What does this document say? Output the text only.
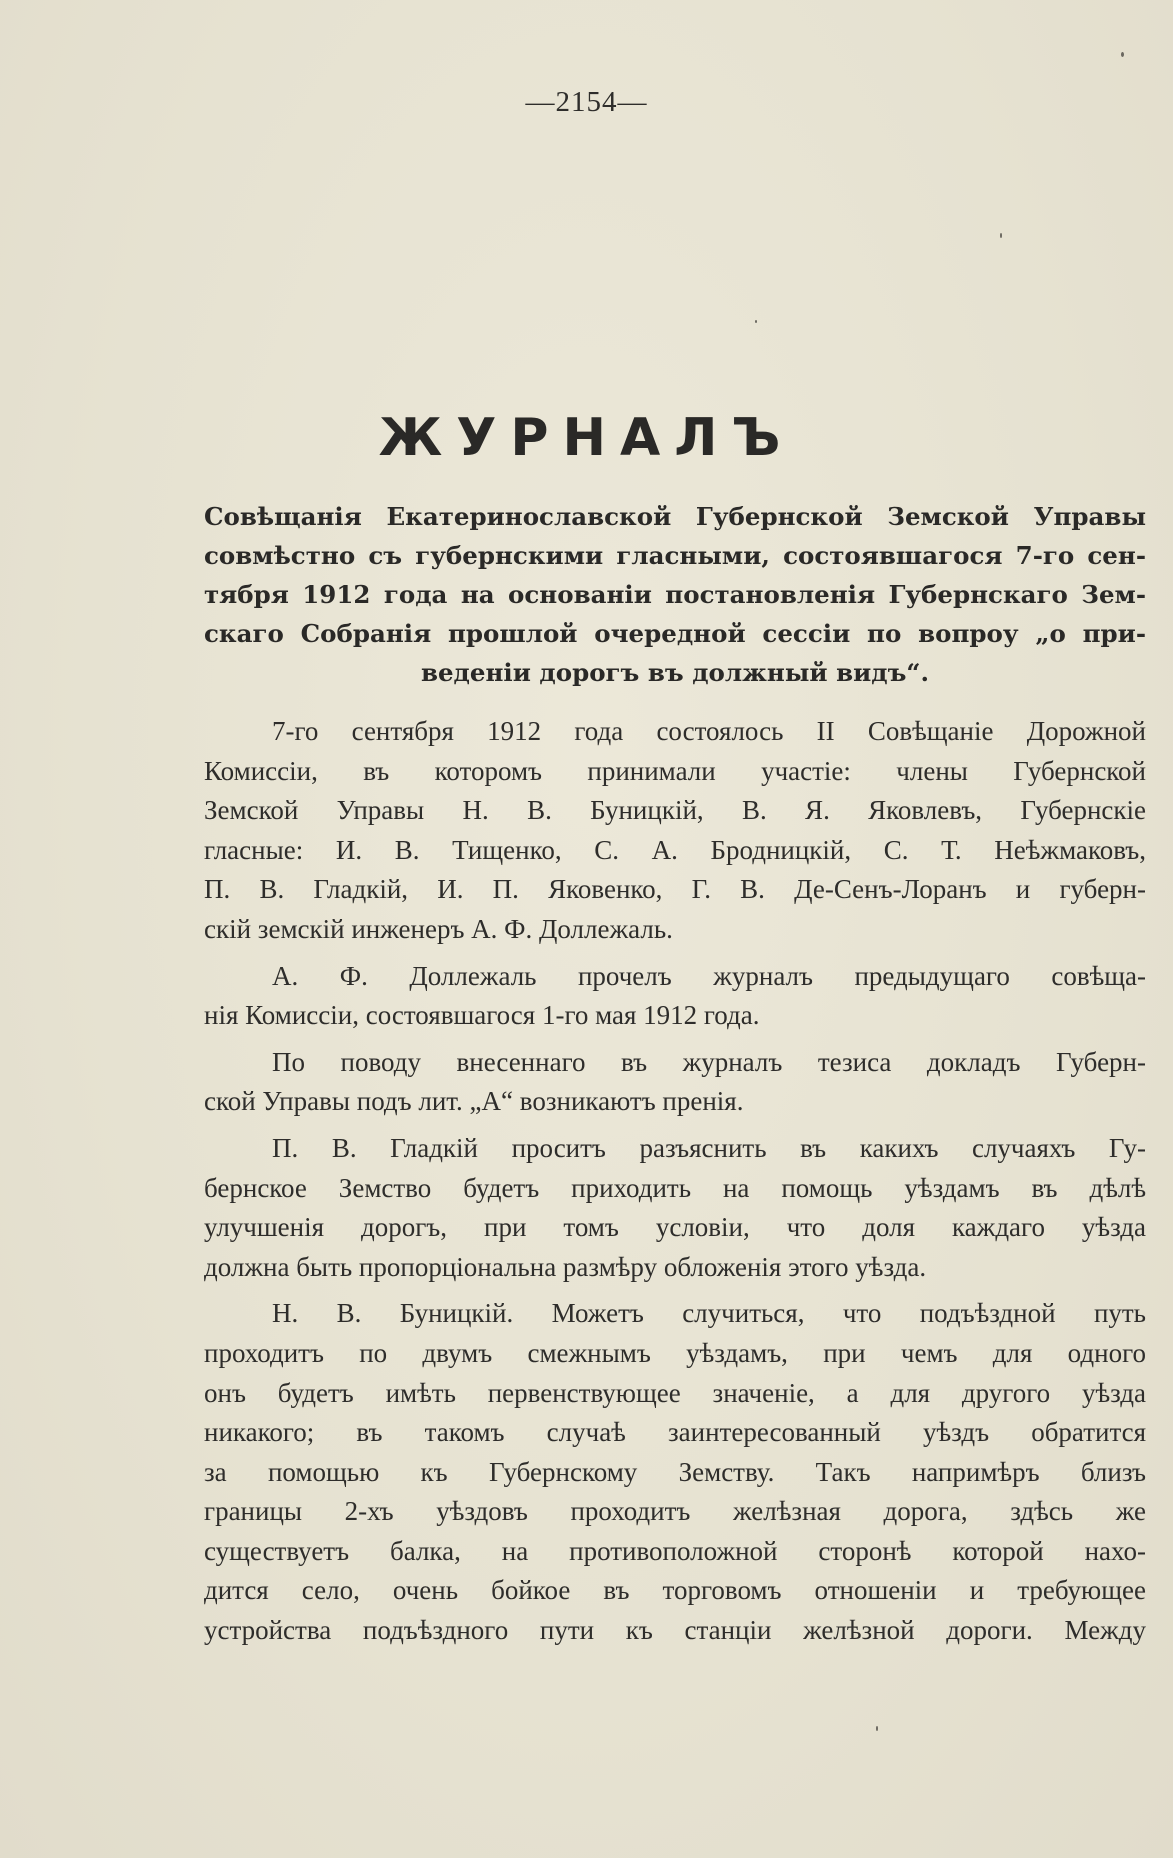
—2154—
ЖУРНАЛЪ
Совѣщанія Екатеринославской Губернской Земской Управы
совмѣстно съ губернскими гласными, состоявшагося 7-го сен-
тября 1912 года на основаніи постановленія Губернскаго Зем-
скаго Собранія прошлой очередной сессіи по вопроу „о при-
веденіи дорогъ въ должный видъ“.
7-го сентября 1912 года состоялось II Совѣщаніе Дорожной
Комиссіи, въ которомъ принимали участіе: члены Губернской
Земской Управы Н. В. Буницкій, В. Я. Яковлевъ, Губернскіе
гласные: И. В. Тищенко, С. А. Бродницкій, С. Т. Неѣжмаковъ,
П. В. Гладкій, И. П. Яковенко, Г. В. Де-Сенъ-Лоранъ и губерн-
скій земскій инженеръ А. Ф. Доллежаль.
А. Ф. Доллежаль прочелъ журналъ предыдущаго совѣща-
нія Комиссіи, состоявшагося 1-го мая 1912 года.
По поводу внесеннаго въ журналъ тезиса докладъ Губерн-
ской Управы подъ лит. „А“ возникаютъ пренія.
П. В. Гладкій проситъ разъяснить въ какихъ случаяхъ Гу-
бернское Земство будетъ приходить на помощь уѣздамъ въ дѣлѣ
улучшенія дорогъ, при томъ условіи, что доля каждаго уѣзда
должна быть пропорціональна размѣру обложенія этого уѣзда.
Н. В. Буницкій. Можетъ случиться, что подъѣздной путь
проходитъ по двумъ смежнымъ уѣздамъ, при чемъ для одного
онъ будетъ имѣть первенствующее значеніе, а для другого уѣзда
никакого; въ такомъ случаѣ заинтересованный уѣздъ обратится
за помощью къ Губернскому Земству. Такъ напримѣръ близъ
границы 2-хъ уѣздовъ проходитъ желѣзная дорога, здѣсь же
существуетъ балка, на противоположной сторонѣ которой нахо-
дится село, очень бойкое въ торговомъ отношеніи и требующее
устройства подъѣздного пути къ станціи желѣзной дороги. Между
